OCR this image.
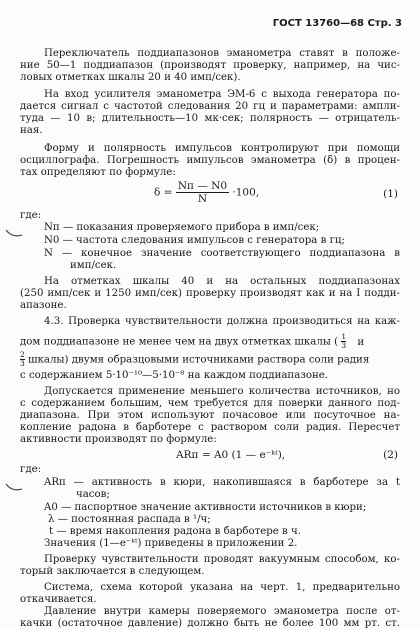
ГОСТ 13760—68 Стр. 3
Переключатель поддиапазонов эманометра ставят в положе-
ние 50—1 поддиапазон (производят проверку, например, на чис-
ловых отметках шкалы 20 и 40 имп/сек).
На вход усилителя эманометра ЭМ-6 с выхода генератора по-
дается сигнал с частотой следования 20 гц и параметрами: ампли-
туда — 10 в; длительность—10 мк·сек; полярность — отрицатель-
ная.
Форму и полярность импульсов контролируют при помощи
осциллографа. Погрешность импульсов эманометра (δ) в процен-
тах определяют по формуле:
где:
Nп — показания проверяемого прибора в имп/сек;
N0 — частота следования импульсов с генератора в гц;
N — конечное значение соответствующего поддиапазона в
имп/сек.
На отметках шкалы 40 и на остальных поддиапазонах
(250 имп/сек и 1250 имп/сек) проверку производят как и на I подди-
апазоне.
4.3. Проверка чувствительности должна производиться на каж-
с содержанием 5·10⁻¹⁰—5·10⁻⁸ на каждом поддиапазоне.
Допускается применение меньшего количества источников, но
с содержанием большим, чем требуется для поверки данного под-
диапазона. При этом используют почасовое или посуточное на-
копление радона в барботере с раствором соли радия. Пересчет
активности производят по формуле:
где:
ARп — активность в кюри, накопившаяся в барботере за t
часов;
A0 — паспортное значение активности источников в кюри;
λ — постоянная распада в ¹/ч;
t — время накопления радона в барботере в ч.
Значения (1—e⁻ᵏᵗ) приведены в приложении 2.
Проверку чувствительности проводят вакуумным способом, ко-
торый заключается в следующем.
Система, схема которой указана на черт. 1, предварительно
откачивается.
Давление внутри камеры поверяемого эманометра после от-
качки (остаточное давление) должно быть не более 100 мм рт. ст.
$\delta = \frac{Nп — N0}{N} \cdot 100$,	(1)
дом поддиапазоне не менее чем на двух отметках шкалы ( $\frac{1}{3}$ и
$\frac{2}{3}$ шкалы) двумя образцовыми источниками раствора соли радия
ARп = A0 (1 — e⁻ᵏᵗ),	(2)
